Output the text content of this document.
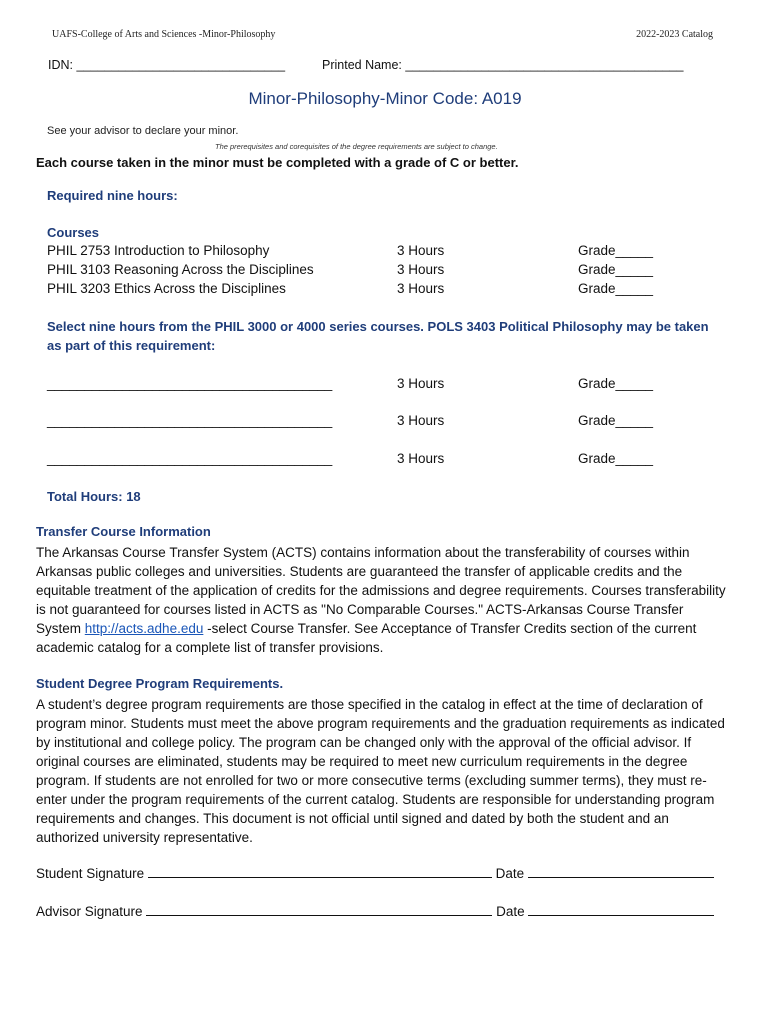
UAFS-College of Arts and Sciences -Minor-Philosophy	2022-2023 Catalog
IDN: ______________________________	Printed Name: ________________________________________
Minor-Philosophy-Minor Code: A019
See your advisor to declare your minor.
The prerequisites and corequisites of the degree requirements are subject to change.
Each course taken in the minor must be completed with a grade of C or better.
Required nine hours:
Courses
PHIL 2753 Introduction to Philosophy	3 Hours	Grade_____
PHIL 3103 Reasoning Across the Disciplines	3 Hours	Grade_____
PHIL 3203 Ethics Across the Disciplines	3 Hours	Grade_____
Select nine hours from the PHIL 3000 or 4000 series courses. POLS 3403 Political Philosophy may be taken
as part of this requirement:
______________________________________	3 Hours	Grade_____
______________________________________	3 Hours	Grade_____
______________________________________	3 Hours	Grade_____
Total Hours: 18
Transfer Course Information
The Arkansas Course Transfer System (ACTS) contains information about the transferability of courses within Arkansas public colleges and universities. Students are guaranteed the transfer of applicable credits and the equitable treatment of the application of credits for the admissions and degree requirements. Courses transferability is not guaranteed for courses listed in ACTS as "No Comparable Courses." ACTS-Arkansas Course Transfer System http://acts.adhe.edu -select Course Transfer. See Acceptance of Transfer Credits section of the current academic catalog for a complete list of transfer provisions.
Student Degree Program Requirements.
A student’s degree program requirements are those specified in the catalog in effect at the time of declaration of program minor. Students must meet the above program requirements and the graduation requirements as indicated by institutional and college policy. The program can be changed only with the approval of the official advisor. If original courses are eliminated, students may be required to meet new curriculum requirements in the degree program. If students are not enrolled for two or more consecutive terms (excluding summer terms), they must re-enter under the program requirements of the current catalog. Students are responsible for understanding program requirements and changes. This document is not official until signed and dated by both the student and an authorized university representative.
Student Signature	Date
Advisor Signature	Date
